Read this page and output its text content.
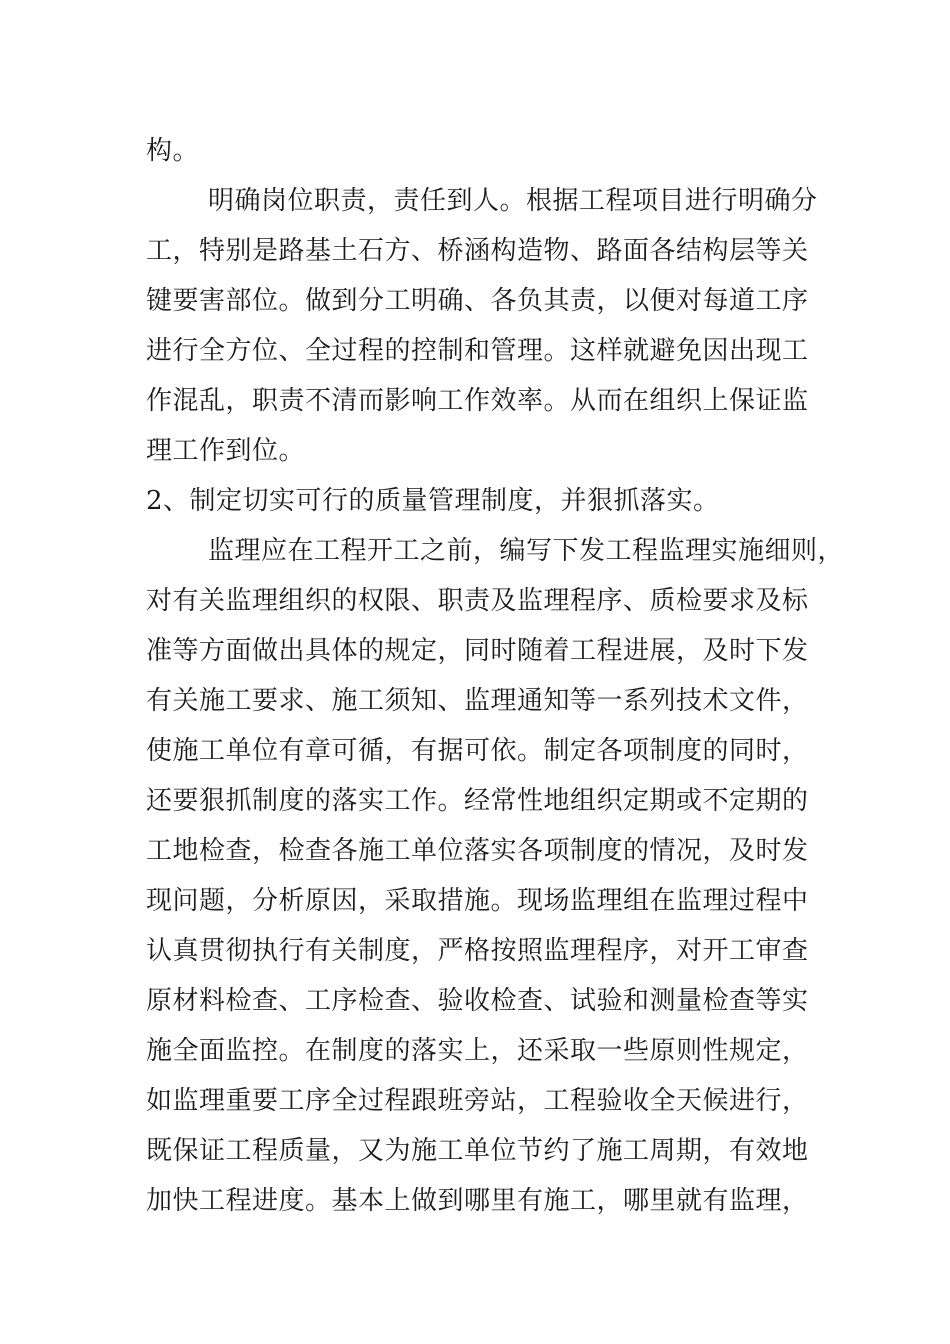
构。
明确岗位职责，责任到人。根据工程项目进行明确分
工，特别是路基土石方、桥涵构造物、路面各结构层等关
键要害部位。做到分工明确、各负其责，以便对每道工序
进行全方位、全过程的控制和管理。这样就避免因出现工
作混乱，职责不清而影响工作效率。从而在组织上保证监
理工作到位。
2、制定切实可行的质量管理制度，并狠抓落实。
监理应在工程开工之前，编写下发工程监理实施细则，
对有关监理组织的权限、职责及监理程序、质检要求及标
准等方面做出具体的规定，同时随着工程进展，及时下发
有关施工要求、施工须知、监理通知等一系列技术文件，
使施工单位有章可循，有据可依。制定各项制度的同时，
还要狠抓制度的落实工作。经常性地组织定期或不定期的
工地检查，检查各施工单位落实各项制度的情况，及时发
现问题，分析原因，采取措施。现场监理组在监理过程中
认真贯彻执行有关制度，严格按照监理程序，对开工审查
原材料检查、工序检查、验收检查、试验和测量检查等实
施全面监控。在制度的落实上，还采取一些原则性规定，
如监理重要工序全过程跟班旁站，工程验收全天候进行，
既保证工程质量，又为施工单位节约了施工周期，有效地
加快工程进度。基本上做到哪里有施工，哪里就有监理，
